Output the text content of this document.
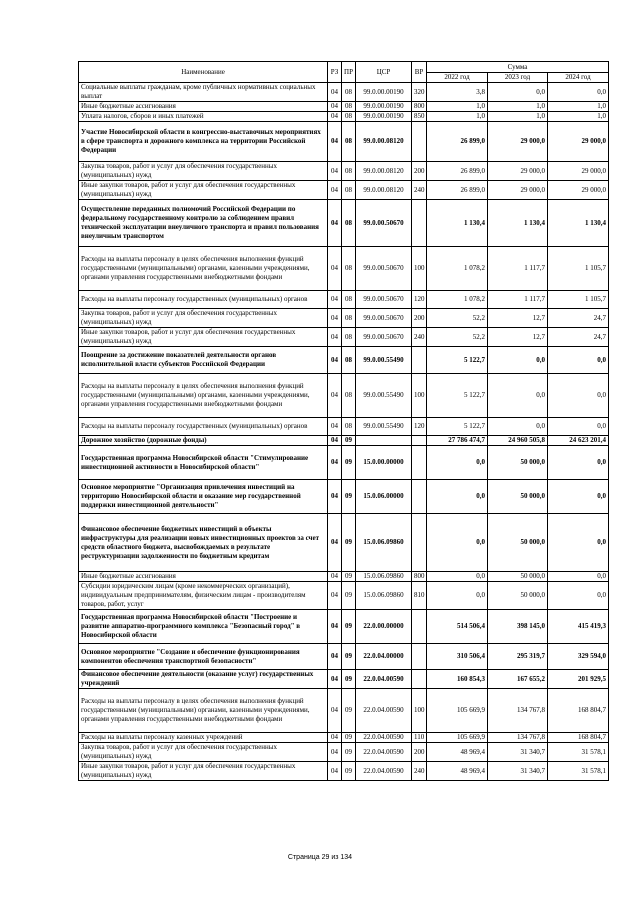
Наименование	РЗ	ПР	ЦСР	ВР	Сумма		
					2022 год	2023 год	2024 год
Социальные выплаты гражданам, кроме публичных нормативных социальных выплат	04	08	99.0.00.00190	320	3,8	0,0	0,0
Иные бюджетные ассигнования	04	08	99.0.00.00190	800	1,0	1,0	1,0
Уплата налогов, сборов и иных платежей	04	08	99.0.00.00190	850	1,0	1,0	1,0
Участие Новосибирской области в конгрессно-выставочных мероприятиях в сфере транспорта и дорожного комплекса на территории Российской Федерации	04	08	99.0.00.08120		26 899,0	29 000,0	29 000,0
Закупка товаров, работ и услуг для обеспечения государственных (муниципальных) нужд	04	08	99.0.00.08120	200	26 899,0	29 000,0	29 000,0
Иные закупки товаров, работ и услуг для обеспечения государственных (муниципальных) нужд	04	08	99.0.00.08120	240	26 899,0	29 000,0	29 000,0
Осуществление переданных полномочий Российской Федерации по федеральному государственному контролю за соблюдением правил технической эксплуатации внеуличного транспорта и правил пользования внеуличным транспортом	04	08	99.0.00.50670		1 130,4	1 130,4	1 130,4
Расходы на выплаты персоналу в целях обеспечения выполнения функций государственными (муниципальными) органами, казенными учреждениями, органами управления государственными внебюджетными фондами	04	08	99.0.00.50670	100	1 078,2	1 117,7	1 105,7
Расходы на выплаты персоналу государственных (муниципальных) органов	04	08	99.0.00.50670	120	1 078,2	1 117,7	1 105,7
Закупка товаров, работ и услуг для обеспечения государственных (муниципальных) нужд	04	08	99.0.00.50670	200	52,2	12,7	24,7
Иные закупки товаров, работ и услуг для обеспечения государственных (муниципальных) нужд	04	08	99.0.00.50670	240	52,2	12,7	24,7
Поощрение за достижение показателей деятельности органов исполнительной власти субъектов Российской Федерации	04	08	99.0.00.55490		5 122,7	0,0	0,0
Расходы на выплаты персоналу в целях обеспечения выполнения функций государственными (муниципальными) органами, казенными учреждениями, органами управления государственными внебюджетными фондами	04	08	99.0.00.55490	100	5 122,7	0,0	0,0
Расходы на выплаты персоналу государственных (муниципальных) органов	04	08	99.0.00.55490	120	5 122,7	0,0	0,0
Дорожное хозяйство (дорожные фонды)	04	09			27 786 474,7	24 960 505,8	24 623 201,4
Государственная программа Новосибирской области "Стимулирование инвестиционной активности в Новосибирской области"	04	09	15.0.00.00000		0,0	50 000,0	0,0
Основное мероприятие "Организация привлечения инвестиций на территорию Новосибирской области и оказание мер государственной поддержки инвестиционной деятельности"	04	09	15.0.06.00000		0,0	50 000,0	0,0
Финансовое обеспечение бюджетных инвестиций в объекты инфраструктуры для реализации новых инвестиционных проектов за счет средств областного бюджета, высвобождаемых в результате реструктуризации задолженности по бюджетным кредитам	04	09	15.0.06.09860		0,0	50 000,0	0,0
Иные бюджетные ассигнования	04	09	15.0.06.09860	800	0,0	50 000,0	0,0
Субсидии юридическим лицам (кроме некоммерческих организаций), индивидуальным предпринимателям, физическим лицам - производителям товаров, работ, услуг	04	09	15.0.06.09860	810	0,0	50 000,0	0,0
Государственная программа Новосибирской области "Построение и развитие аппаратно-программного комплекса "Безопасный город" в Новосибирской области	04	09	22.0.00.00000		514 506,4	398 145,0	415 419,3
Основное мероприятие "Создание и обеспечение функционирования компонентов обеспечения транспортной безопасности"	04	09	22.0.04.00000		310 506,4	295 319,7	329 594,0
Финансовое обеспечение деятельности (оказание услуг) государственных учреждений	04	09	22.0.04.00590		160 854,3	167 655,2	201 929,5
Расходы на выплаты персоналу в целях обеспечения выполнения функций государственными (муниципальными) органами, казенными учреждениями, органами управления государственными внебюджетными фондами	04	09	22.0.04.00590	100	105 669,9	134 767,8	168 804,7
Расходы на выплаты персоналу казенных учреждений	04	09	22.0.04.00590	110	105 669,9	134 767,8	168 804,7
Закупка товаров, работ и услуг для обеспечения государственных (муниципальных) нужд	04	09	22.0.04.00590	200	48 969,4	31 340,7	31 578,1
Иные закупки товаров, работ и услуг для обеспечения государственных (муниципальных) нужд	04	09	22.0.04.00590	240	48 969,4	31 340,7	31 578,1
Страница 29 из 134
